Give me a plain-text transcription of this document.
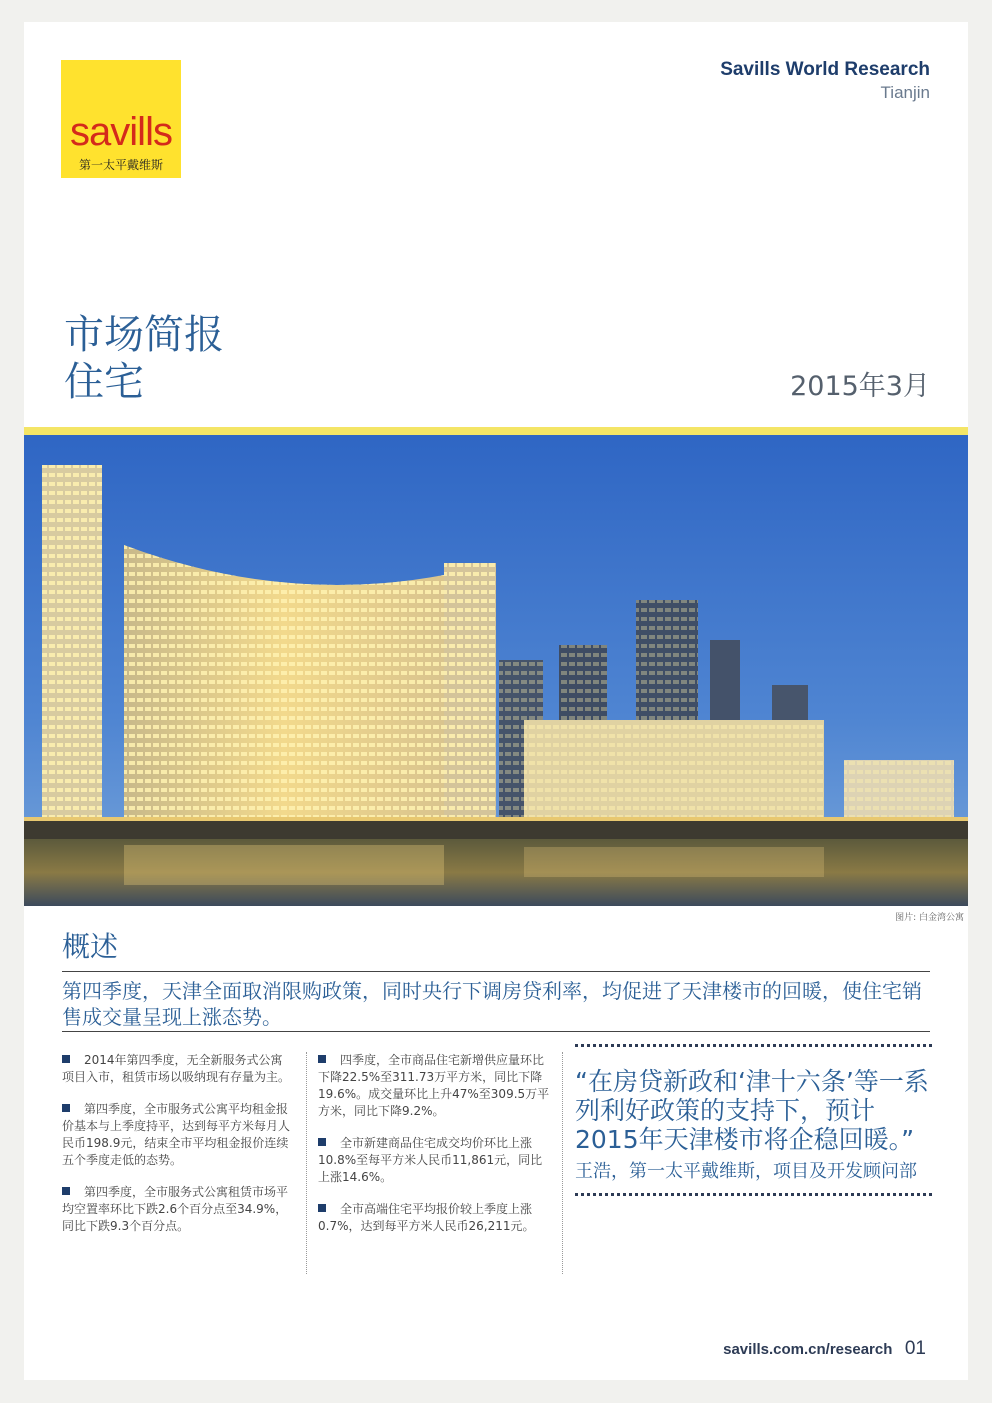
savills
第一太平戴维斯
Savills World Research
Tianjin
市场简报
住宅	2015年3月
图片: 白金湾公寓
概述
第四季度，天津全面取消限购政策，同时央行下调房贷利率，均促进了天津楼市的回暖，使住宅销售成交量呈现上涨态势。

2014年第四季度，无全新服务式公寓项目入市，租赁市场以吸纳现有存量为主。

第四季度，全市服务式公寓平均租金报价基本与上季度持平，达到每平方米每月人民币198.9元，结束全市平均租金报价连续五个季度走低的态势。

第四季度，全市服务式公寓租赁市场平均空置率环比下跌2.6个百分点至34.9%，同比下跌9.3个百分点。

四季度，全市商品住宅新增供应量环比下降22.5%至311.73万平方米，同比下降19.6%。成交量环比上升47%至309.5万平方米，同比下降9.2%。

全市新建商品住宅成交均价环比上涨10.8%至每平方米人民币11,861元，同比上涨14.6%。

全市高端住宅平均报价较上季度上涨0.7%，达到每平方米人民币26,211元。

“在房贷新政和‘津十六条’等一系列利好政策的支持下，预计2015年天津楼市将企稳回暖。”
王浩，第一太平戴维斯，项目及开发顾问部
savills.com.cn/research 01
